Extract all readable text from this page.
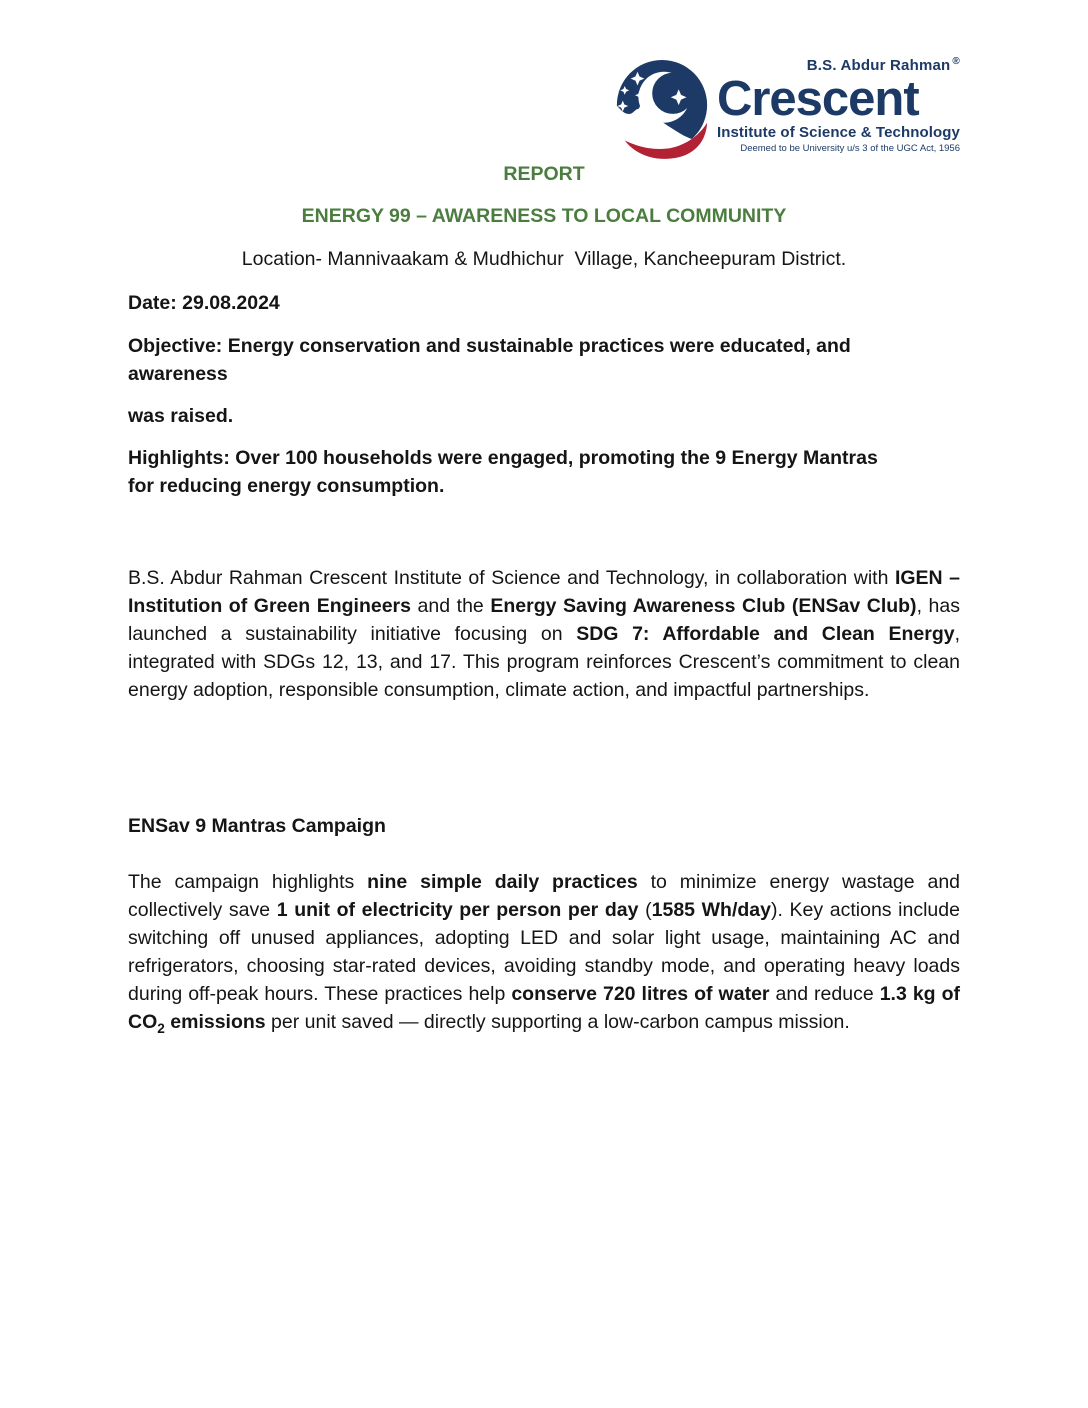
B.S. Abdur Rahman ®
Crescent
Institute of Science & Technology
Deemed to be University u/s 3 of the UGC Act, 1956
REPORT
ENERGY 99 – AWARENESS TO LOCAL COMMUNITY
Location- Mannivaakam & Mudhichur  Village, Kancheepuram District.
Date: 29.08.2024
Objective: Energy conservation and sustainable practices were educated, and
awareness
was raised.
Highlights: Over 100 households were engaged, promoting the 9 Energy Mantras
for reducing energy consumption.
B.S. Abdur Rahman Crescent Institute of Science and Technology, in collaboration with IGEN – Institution of Green Engineers and the Energy Saving Awareness Club (ENSav Club), has launched a sustainability initiative focusing on SDG 7: Affordable and Clean Energy, integrated with SDGs 12, 13, and 17. This program reinforces Crescent’s commitment to clean energy adoption, responsible consumption, climate action, and impactful partnerships.
ENSav 9 Mantras Campaign
The campaign highlights nine simple daily practices to minimize energy wastage and collectively save 1 unit of electricity per person per day (1585 Wh/day). Key actions include switching off unused appliances, adopting LED and solar light usage, maintaining AC and refrigerators, choosing star-rated devices, avoiding standby mode, and operating heavy loads during off-peak hours. These practices help conserve 720 litres of water and reduce 1.3 kg of $CO_2$ emissions per unit saved — directly supporting a low-carbon campus mission.
